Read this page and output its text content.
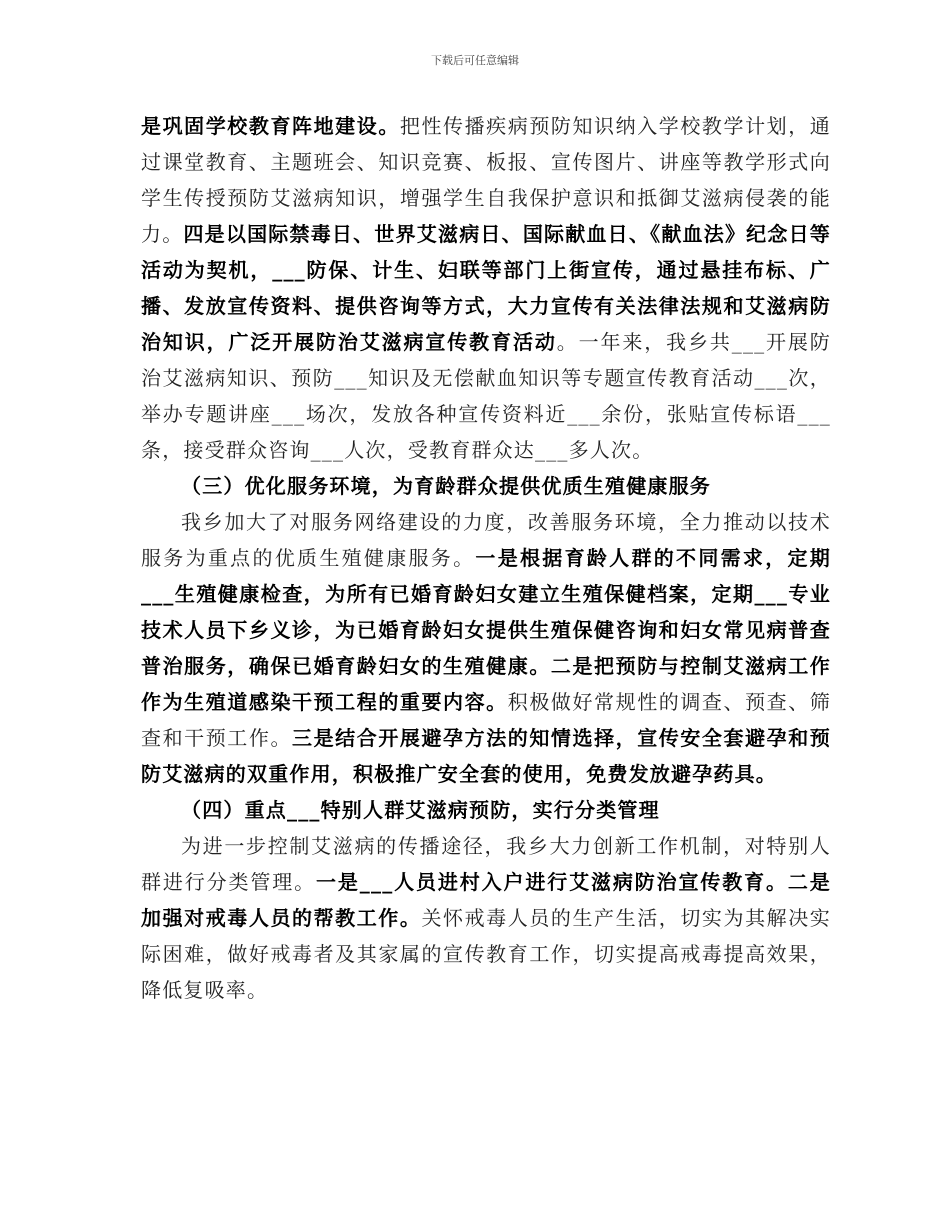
下载后可任意编辑

是巩固学校教育阵地建设。把性传播疾病预防知识纳入学校教学计划，通过课堂教育、主题班会、知识竞赛、板报、宣传图片、讲座等教学形式向学生传授预防艾滋病知识，增强学生自我保护意识和抵御艾滋病侵袭的能力。四是以国际禁毒日、世界艾滋病日、国际献血日、《献血法》纪念日等活动为契机，___防保、计生、妇联等部门上街宣传，通过悬挂布标、广播、发放宣传资料、提供咨询等方式，大力宣传有关法律法规和艾滋病防治知识，广泛开展防治艾滋病宣传教育活动。一年来，我乡共___开展防治艾滋病知识、预防___知识及无偿献血知识等专题宣传教育活动___次，举办专题讲座___场次，发放各种宣传资料近___余份，张贴宣传标语___条，接受群众咨询___人次，受教育群众达___多人次。

（三）优化服务环境，为育龄群众提供优质生殖健康服务

我乡加大了对服务网络建设的力度，改善服务环境，全力推动以技术服务为重点的优质生殖健康服务。一是根据育龄人群的不同需求，定期___生殖健康检查，为所有已婚育龄妇女建立生殖保健档案，定期___专业技术人员下乡义诊，为已婚育龄妇女提供生殖保健咨询和妇女常见病普查普治服务，确保已婚育龄妇女的生殖健康。二是把预防与控制艾滋病工作作为生殖道感染干预工程的重要内容。积极做好常规性的调查、预查、筛查和干预工作。三是结合开展避孕方法的知情选择，宣传安全套避孕和预防艾滋病的双重作用，积极推广安全套的使用，免费发放避孕药具。

（四）重点___特别人群艾滋病预防，实行分类管理

为进一步控制艾滋病的传播途径，我乡大力创新工作机制，对特别人群进行分类管理。一是___人员进村入户进行艾滋病防治宣传教育。二是加强对戒毒人员的帮教工作。关怀戒毒人员的生产生活，切实为其解决实际困难，做好戒毒者及其家属的宣传教育工作，切实提高戒毒提高效果，降低复吸率。
